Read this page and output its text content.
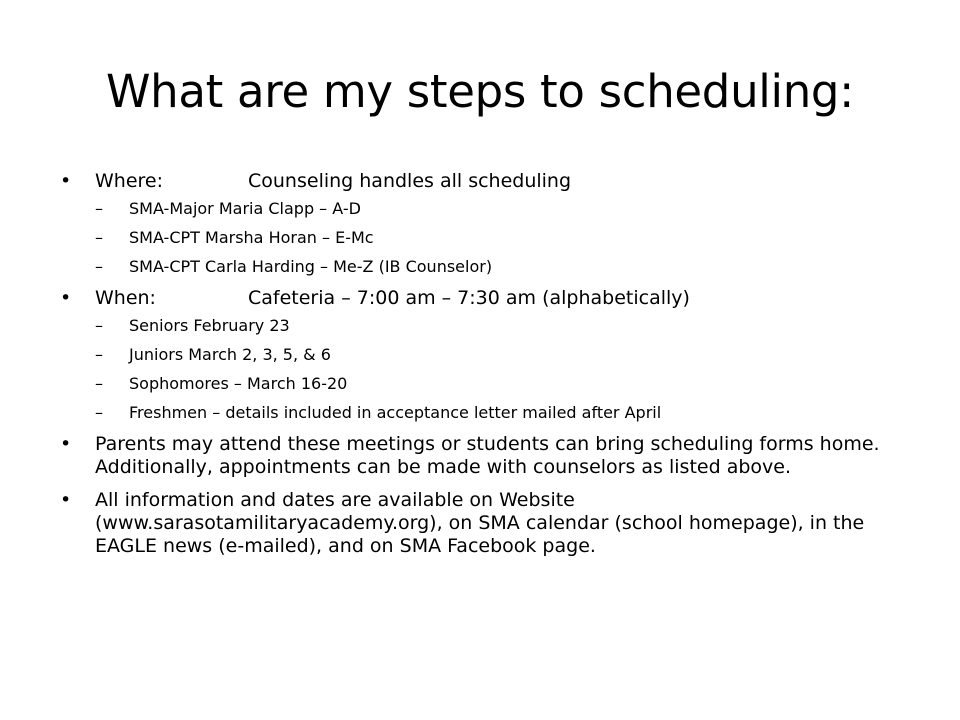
What are my steps to scheduling:
•	Where:	Counseling handles all scheduling
–	SMA-Major Maria Clapp – A-D
–	SMA-CPT Marsha Horan – E-Mc
–	SMA-CPT Carla Harding – Me-Z (IB Counselor)
•	When:	Cafeteria – 7:00 am – 7:30 am (alphabetically)
–	Seniors February 23
–	Juniors March 2, 3, 5, & 6
–	Sophomores – March 16-20
–	Freshmen – details included in acceptance letter mailed after April
•	Parents may attend these meetings or students can bring scheduling forms home. Additionally, appointments can be made with counselors as listed above.
•	All information and dates are available on Website (www.sarasotamilitaryacademy.org), on SMA calendar (school homepage), in the EAGLE news (e-mailed), and on SMA Facebook page.
